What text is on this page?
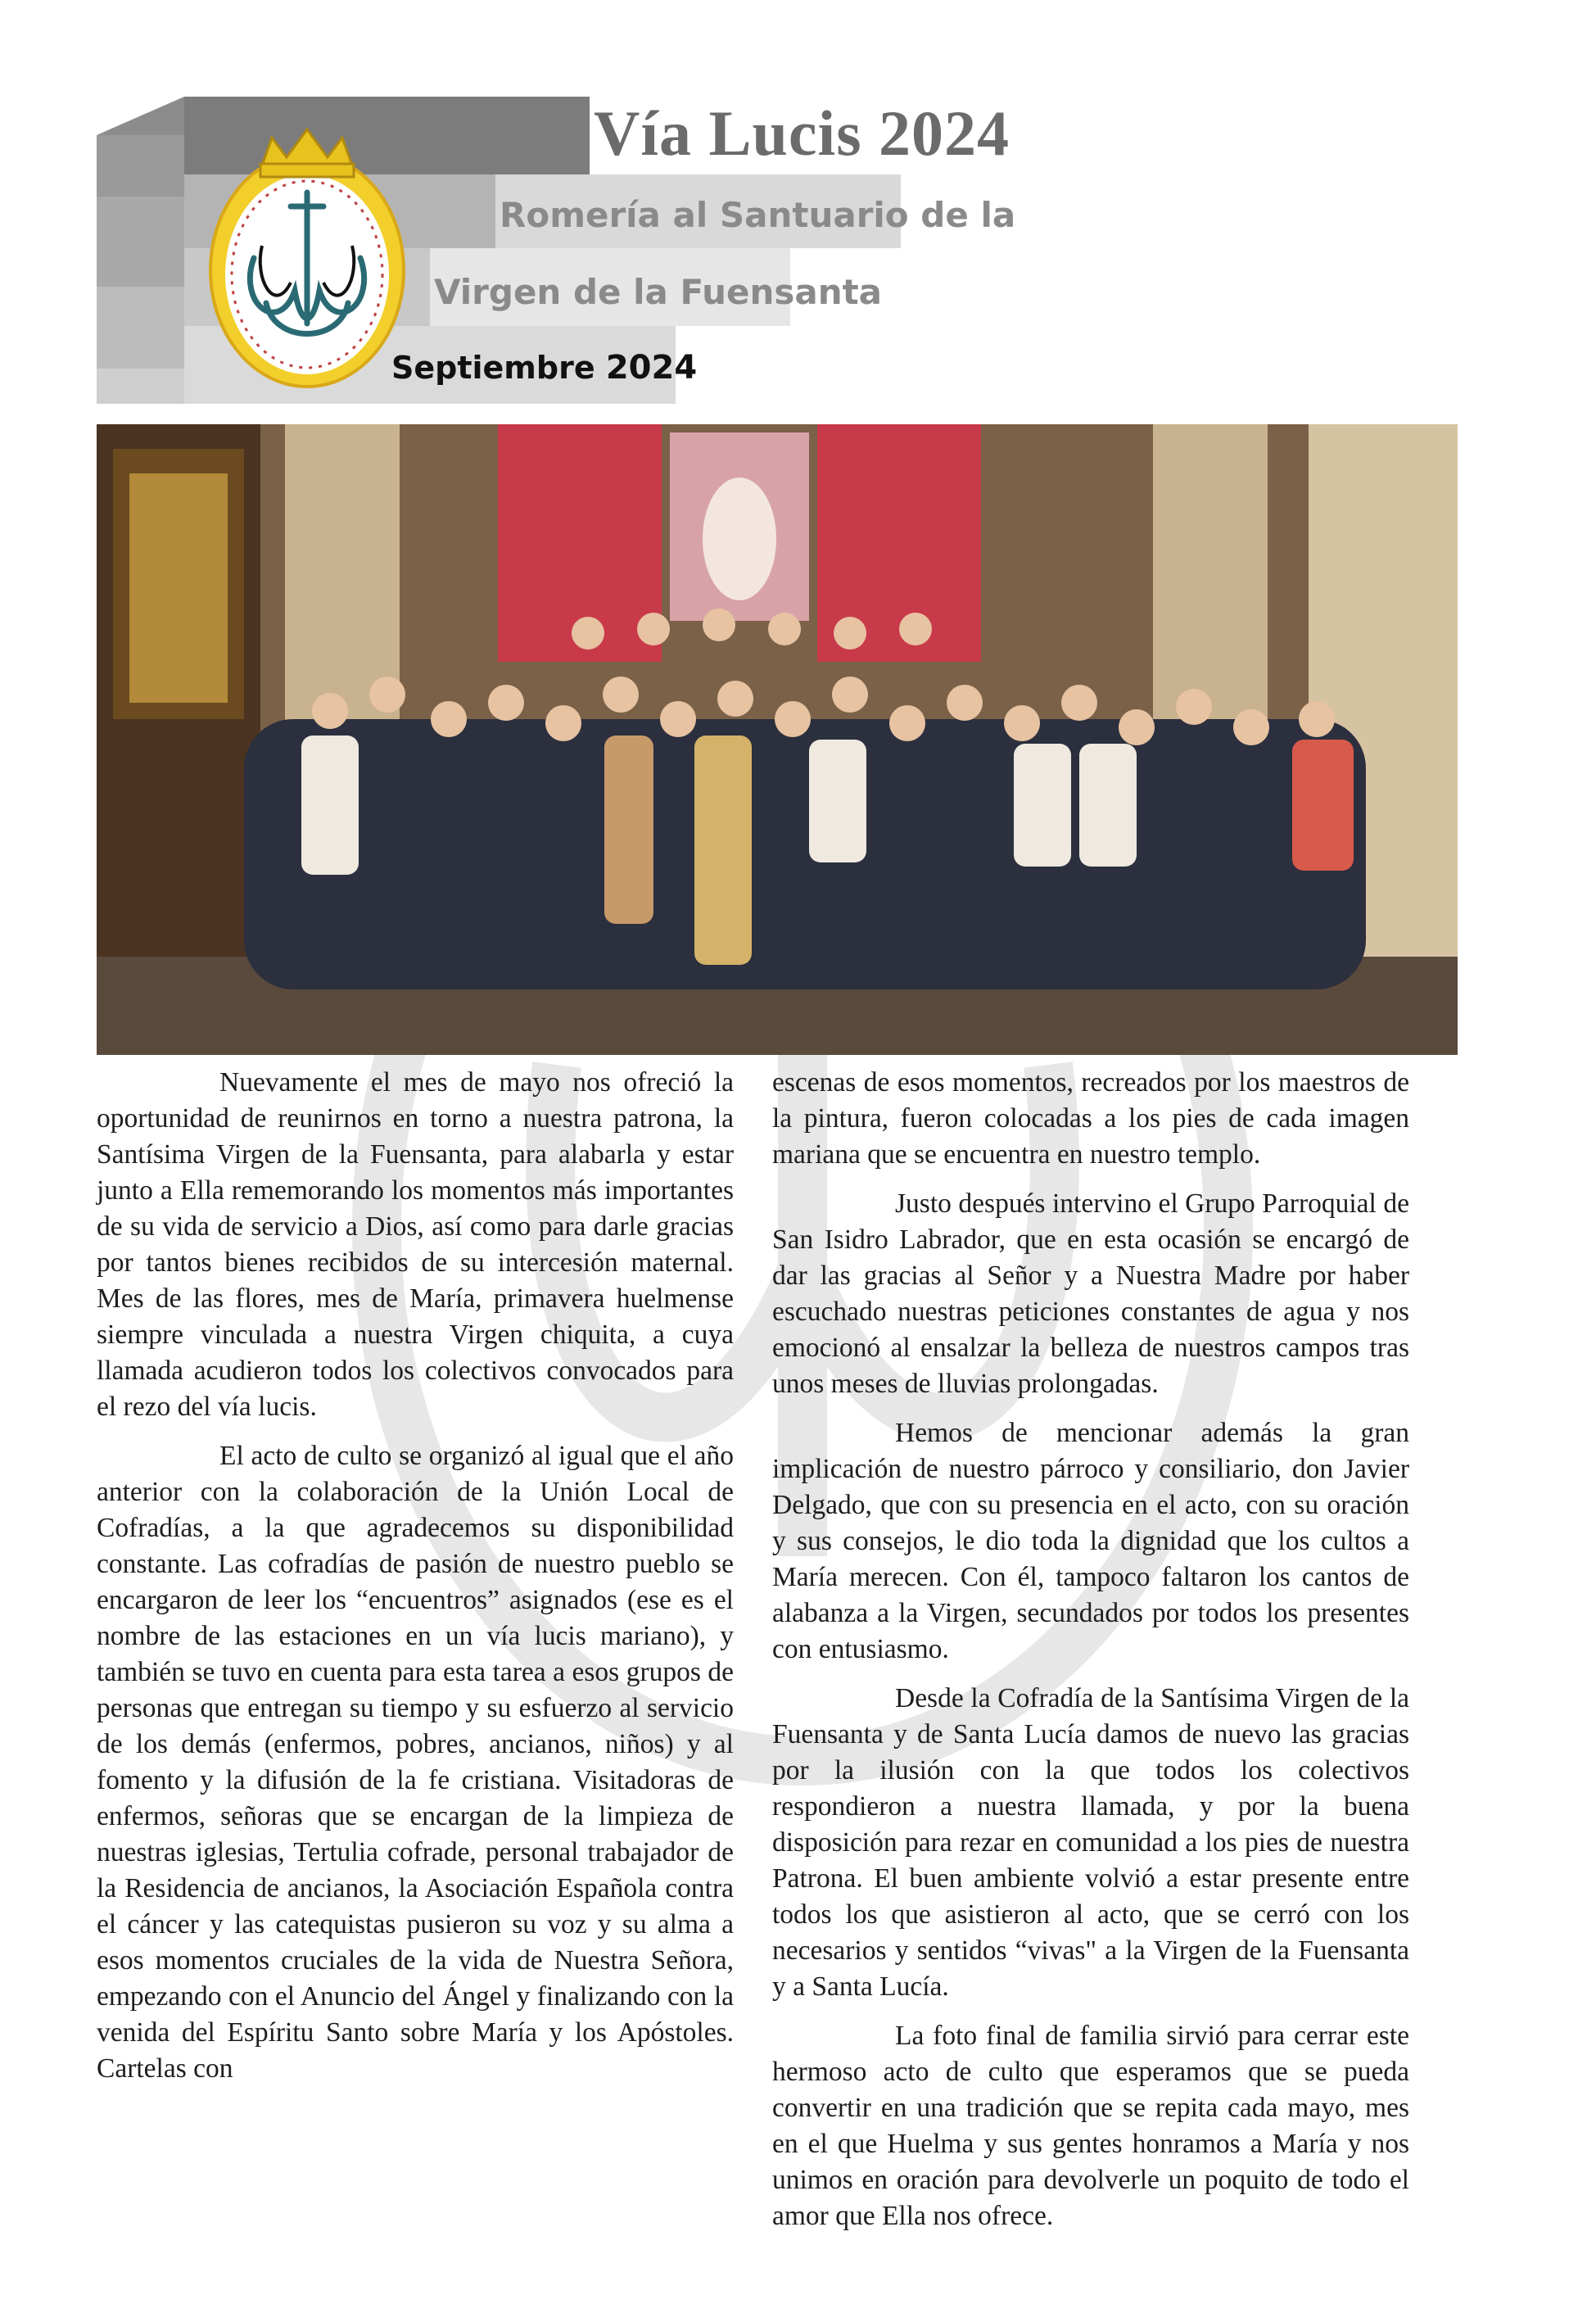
Vía Lucis 2024
Romería al Santuario de la
Virgen de la Fuensanta
Septiembre 2024

Nuevamente el mes de mayo nos ofreció la oportunidad de reunirnos en torno a nuestra patrona, la Santísima Virgen de la Fuensanta, para alabarla y estar junto a Ella rememorando los momentos más importantes de su vida de servicio a Dios, así como para darle gracias por tantos bienes recibidos de su intercesión maternal. Mes de las flores, mes de María, primavera huelmense siempre vinculada a nuestra Virgen chiquita, a cuya llamada acudieron todos los colectivos convocados para el rezo del vía lucis.

El acto de culto se organizó al igual que el año anterior con la colaboración de la Unión Local de Cofradías, a la que agradecemos su disponibilidad constante. Las cofradías de pasión de nuestro pueblo se encargaron de leer los “encuentros” asignados (ese es el nombre de las estaciones en un vía lucis mariano), y también se tuvo en cuenta para esta tarea a esos grupos de personas que entregan su tiempo y su esfuerzo al servicio de los demás (enfermos, pobres, ancianos, niños) y al fomento y la difusión de la fe cristiana. Visitadoras de enfermos, señoras que se encargan de la limpieza de nuestras iglesias, Tertulia cofrade, personal trabajador de la Residencia de ancianos, la Asociación Española contra el cáncer y las catequistas pusieron su voz y su alma a esos momentos cruciales de la vida de Nuestra Señora, empezando con el Anuncio del Ángel y finalizando con la venida del Espíritu Santo sobre María y los Apóstoles. Cartelas con

escenas de esos momentos, recreados por los maestros de la pintura, fueron colocadas a los pies de cada imagen mariana que se encuentra en nuestro templo.

Justo después intervino el Grupo Parroquial de San Isidro Labrador, que en esta ocasión se encargó de dar las gracias al Señor y a Nuestra Madre por haber escuchado nuestras peticiones constantes de agua y nos emocionó al ensalzar la belleza de nuestros campos tras unos meses de lluvias prolongadas.

Hemos de mencionar además la gran implicación de nuestro párroco y consiliario, don Javier Delgado, que con su presencia en el acto, con su oración y sus consejos, le dio toda la dignidad que los cultos a María merecen. Con él, tampoco faltaron los cantos de alabanza a la Virgen, secundados por todos los presentes con entusiasmo.

Desde la Cofradía de la Santísima Virgen de la Fuensanta y de Santa Lucía damos de nuevo las gracias por la ilusión con la que todos los colectivos respondieron a nuestra llamada, y por la buena disposición para rezar en comunidad a los pies de nuestra Patrona. El buen ambiente volvió a estar presente entre todos los que asistieron al acto, que se cerró con los necesarios y sentidos “vivas" a la Virgen de la Fuensanta y a Santa Lucía.

La foto final de familia sirvió para cerrar este hermoso acto de culto que esperamos que se pueda convertir en una tradición que se repita cada mayo, mes en el que Huelma y sus gentes honramos a María y nos unimos en oración para devolverle un poquito de todo el amor que Ella nos ofrece.
